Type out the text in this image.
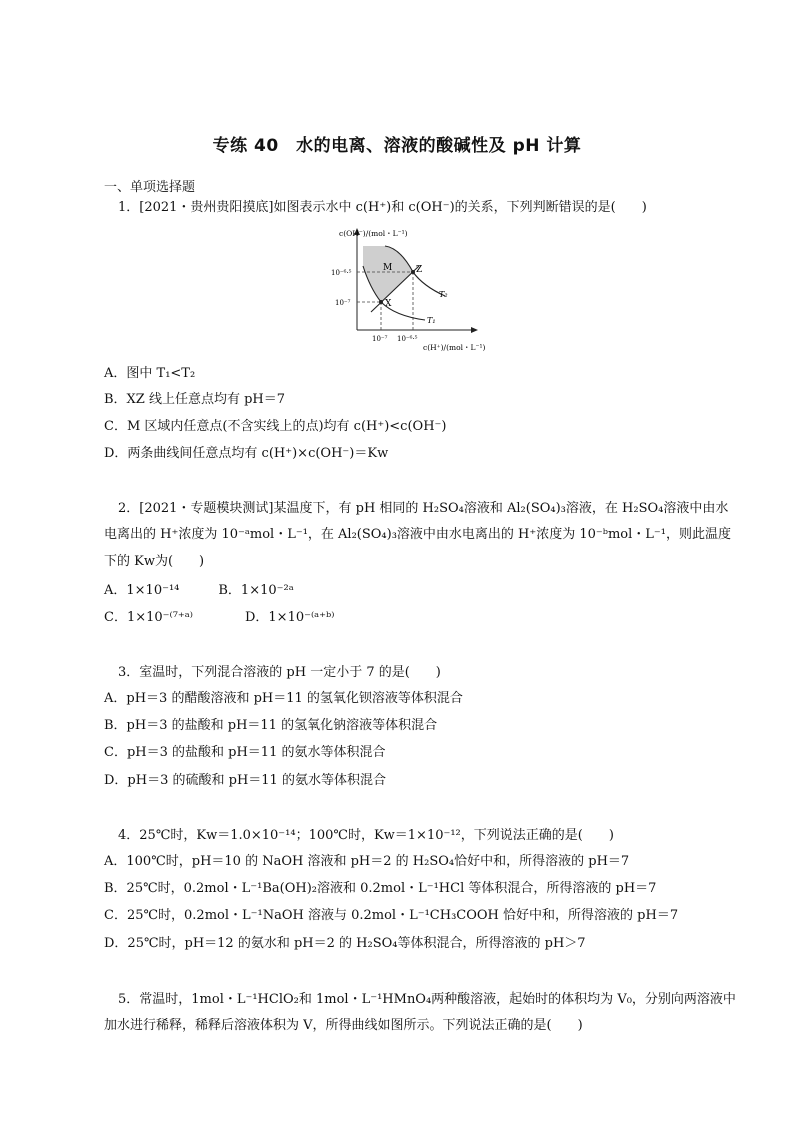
专练 40　水的电离、溶液的酸碱性及 pH 计算
一、单项选择题
1．[2021・贵州贵阳摸底]如图表示水中 c(H⁺)和 c(OH⁻)的关系，下列判断错误的是(　　)
c(OH⁻)/(mol・L⁻¹)
c(H⁺)/(mol・L⁻¹)
10⁻⁶·⁵
10⁻⁷
10⁻⁷ 10⁻⁶·⁵
M	Z
X
T₂
T₁
A．图中 T₁<T₂
B．XZ 线上任意点均有 pH＝7
C．M 区域内任意点(不含实线上的点)均有 c(H⁺)<c(OH⁻)
D．两条曲线间任意点均有 c(H⁺)×c(OH⁻)＝Kw
2．[2021・专题模块测试]某温度下，有 pH 相同的 H₂SO₄溶液和 Al₂(SO₄)₃溶液，在 H₂SO₄溶液中由水
电离出的 H⁺浓度为 10⁻ᵃmol・L⁻¹，在 Al₂(SO₄)₃溶液中由水电离出的 H⁺浓度为 10⁻ᵇmol・L⁻¹，则此温度
下的 Kw为(　　)
A．1×10⁻¹⁴　　　B．1×10⁻²ᵃ
C．1×10⁻⁽⁷⁺ᵃ⁾　　　　D．1×10⁻⁽ᵃ⁺ᵇ⁾
3．室温时，下列混合溶液的 pH 一定小于 7 的是(　　)
A．pH＝3 的醋酸溶液和 pH＝11 的氢氧化钡溶液等体积混合
B．pH＝3 的盐酸和 pH＝11 的氢氧化钠溶液等体积混合
C．pH＝3 的盐酸和 pH＝11 的氨水等体积混合
D．pH＝3 的硫酸和 pH＝11 的氨水等体积混合
4．25℃时，Kw＝1.0×10⁻¹⁴；100℃时，Kw＝1×10⁻¹²，下列说法正确的是(　　)
A．100℃时，pH＝10 的 NaOH 溶液和 pH＝2 的 H₂SO₄恰好中和，所得溶液的 pH＝7
B．25℃时，0.2mol・L⁻¹Ba(OH)₂溶液和 0.2mol・L⁻¹HCl 等体积混合，所得溶液的 pH＝7
C．25℃时，0.2mol・L⁻¹NaOH 溶液与 0.2mol・L⁻¹CH₃COOH 恰好中和，所得溶液的 pH＝7
D．25℃时，pH＝12 的氨水和 pH＝2 的 H₂SO₄等体积混合，所得溶液的 pH＞7
5．常温时，1mol・L⁻¹HClO₂和 1mol・L⁻¹HMnO₄两种酸溶液，起始时的体积均为 V₀，分别向两溶液中
加水进行稀释，稀释后溶液体积为 V，所得曲线如图所示。下列说法正确的是(　　)
